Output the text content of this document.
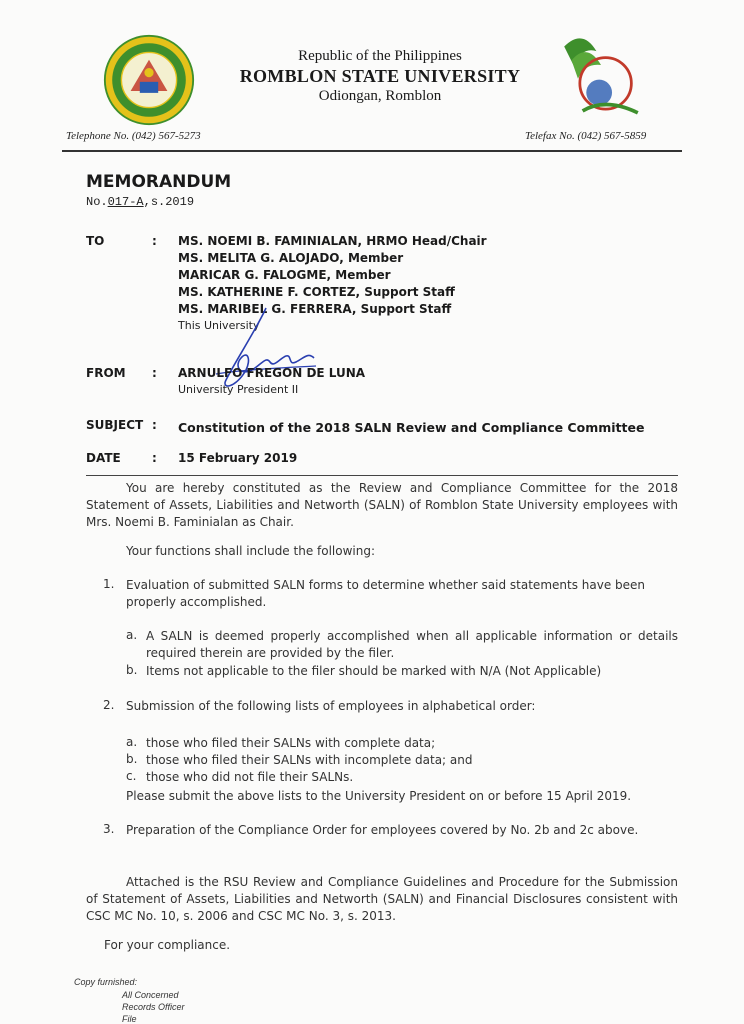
Republic of the Philippines
ROMBLON STATE UNIVERSITY
Odiongan, Romblon
Telephone No. (042) 567-5273	Telefax No. (042) 567-5859
MEMORANDUM
No.017-A,s.2019
TO	: MS. NOEMI B. FAMINIALAN, HRMO Head/Chair
MS. MELITA G. ALOJADO, Member
MARICAR G. FALOGME, Member
MS. KATHERINE F. CORTEZ, Support Staff
MS. MARIBEL G. FERRERA, Support Staff
This University
FROM : ARNULFO FREGON DE LUNA
University President II
SUBJECT : Constitution of the 2018 SALN Review and Compliance Committee
DATE	: 15 February 2019
You are hereby constituted as the Review and Compliance Committee for the 2018 Statement of Assets, Liabilities and Networth (SALN) of Romblon State University employees with Mrs. Noemi B. Faminialan as Chair.
Your functions shall include the following:
1. Evaluation of submitted SALN forms to determine whether said statements have been properly accomplished.
a. A SALN is deemed properly accomplished when all applicable information or details required therein are provided by the filer.
b. Items not applicable to the filer should be marked with N/A (Not Applicable)
2. Submission of the following lists of employees in alphabetical order:
a. those who filed their SALNs with complete data;
b. those who filed their SALNs with incomplete data; and
c. those who did not file their SALNs.
Please submit the above lists to the University President on or before 15 April 2019.
3. Preparation of the Compliance Order for employees covered by No. 2b and 2c above.
Attached is the RSU Review and Compliance Guidelines and Procedure for the Submission of Statement of Assets, Liabilities and Networth (SALN) and Financial Disclosures consistent with CSC MC No. 10, s. 2006 and CSC MC No. 3, s. 2013.
For your compliance.
Copy furnished:
All Concerned
Records Officer
File
